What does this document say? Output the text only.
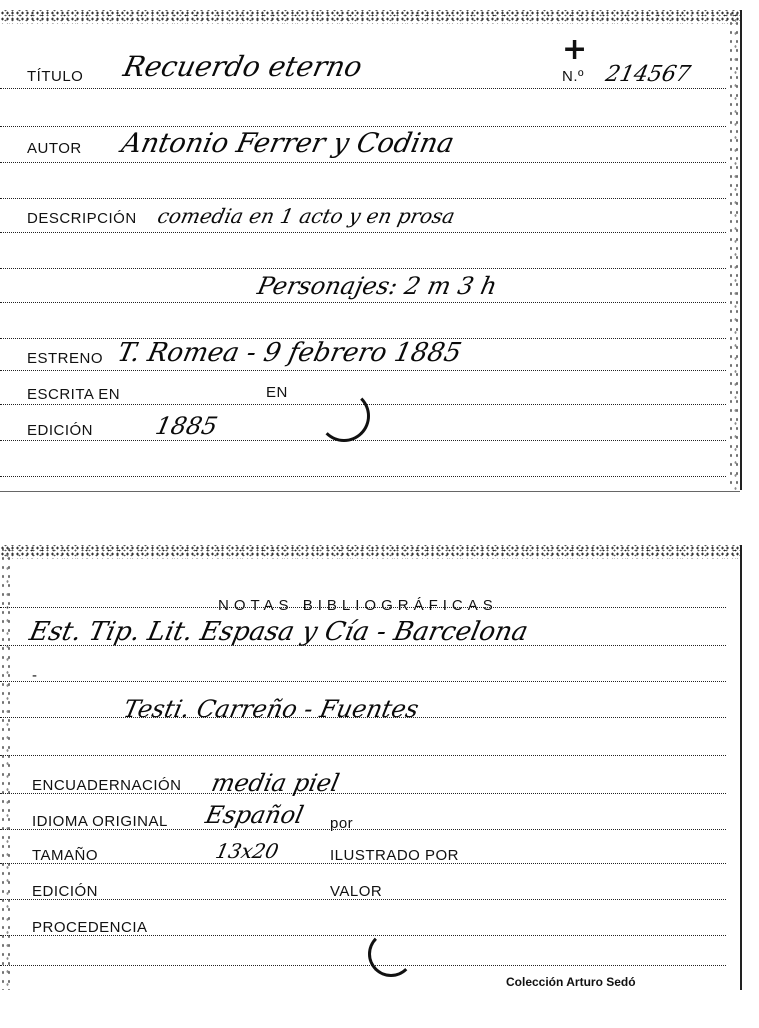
TÍTULO Recuerdo eterno	+
N.º 214567
AUTOR Antonio Ferrer y Codina
DESCRIPCIÓN comedia en 1 acto y en prosa
Personajes: 2 m 3 h
ESTRENO T. Romea - 9 febrero 1885
ESCRITA EN	EN
EDICIÓN	1885
NOTAS BIBLIOGRÁFICAS
Est. Tip. Lit. Espasa y Cía - Barcelona
-
Testi. Carreño - Fuentes
ENCUADERNACIÓN media piel
IDIOMA ORIGINAL Español por
TAMAÑO	13x20	ILUSTRADO POR
EDICIÓN	VALOR
PROCEDENCIA
Colección Arturo Sedó
